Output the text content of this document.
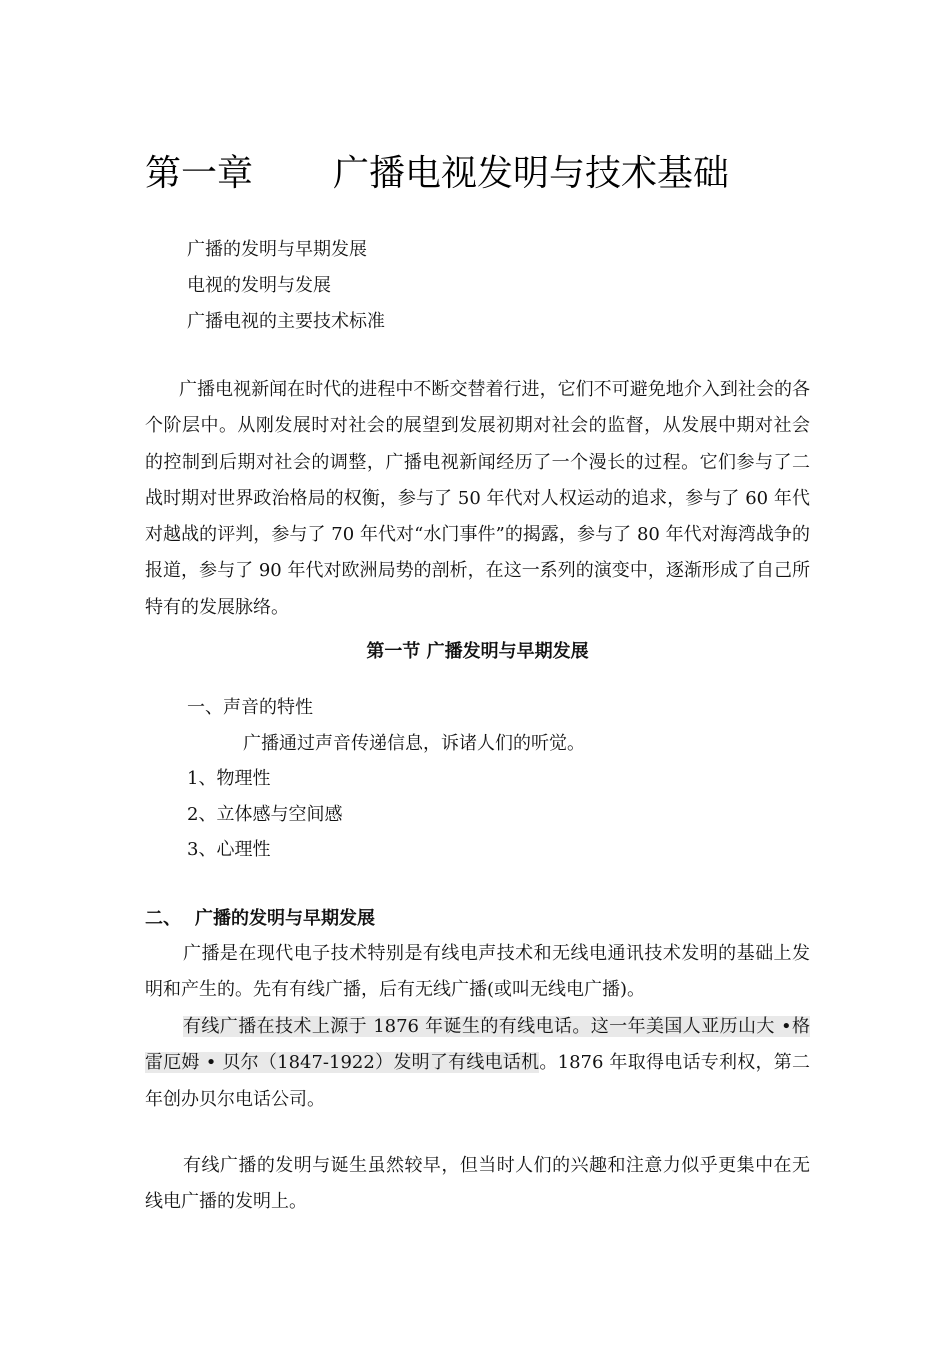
第一章 广播电视发明与技术基础
广播的发明与早期发展
电视的发明与发展
广播电视的主要技术标准

广播电视新闻在时代的进程中不断交替着行进，它们不可避免地介入到社会的各个阶层中。从刚发展时对社会的展望到发展初期对社会的监督，从发展中期对社会的控制到后期对社会的调整，广播电视新闻经历了一个漫长的过程。它们参与了二战时期对世界政治格局的权衡，参与了 50 年代对人权运动的追求，参与了 60 年代对越战的评判，参与了 70 年代对“水门事件”的揭露，参与了 80 年代对海湾战争的报道，参与了 90 年代对欧洲局势的剖析，在这一系列的演变中，逐渐形成了自己所特有的发展脉络。

第一节 广播发明与早期发展
一、声音的特性
广播通过声音传递信息，诉诸人们的听觉。
1、物理性
2、立体感与空间感
3、心理性
二、 广播的发明与早期发展

广播是在现代电子技术特别是有线电声技术和无线电通讯技术发明的基础上发明和产生的。先有有线广播，后有无线广播(或叫无线电广播)。

有线广播在技术上源于 1876 年诞生的有线电话。这一年美国人亚历山大 •格雷厄姆 • 贝尔（1847-1922）发明了有线电话机。1876 年取得电话专利权，第二年创办贝尔电话公司。

有线广播的发明与诞生虽然较早，但当时人们的兴趣和注意力似乎更集中在无线电广播的发明上。
